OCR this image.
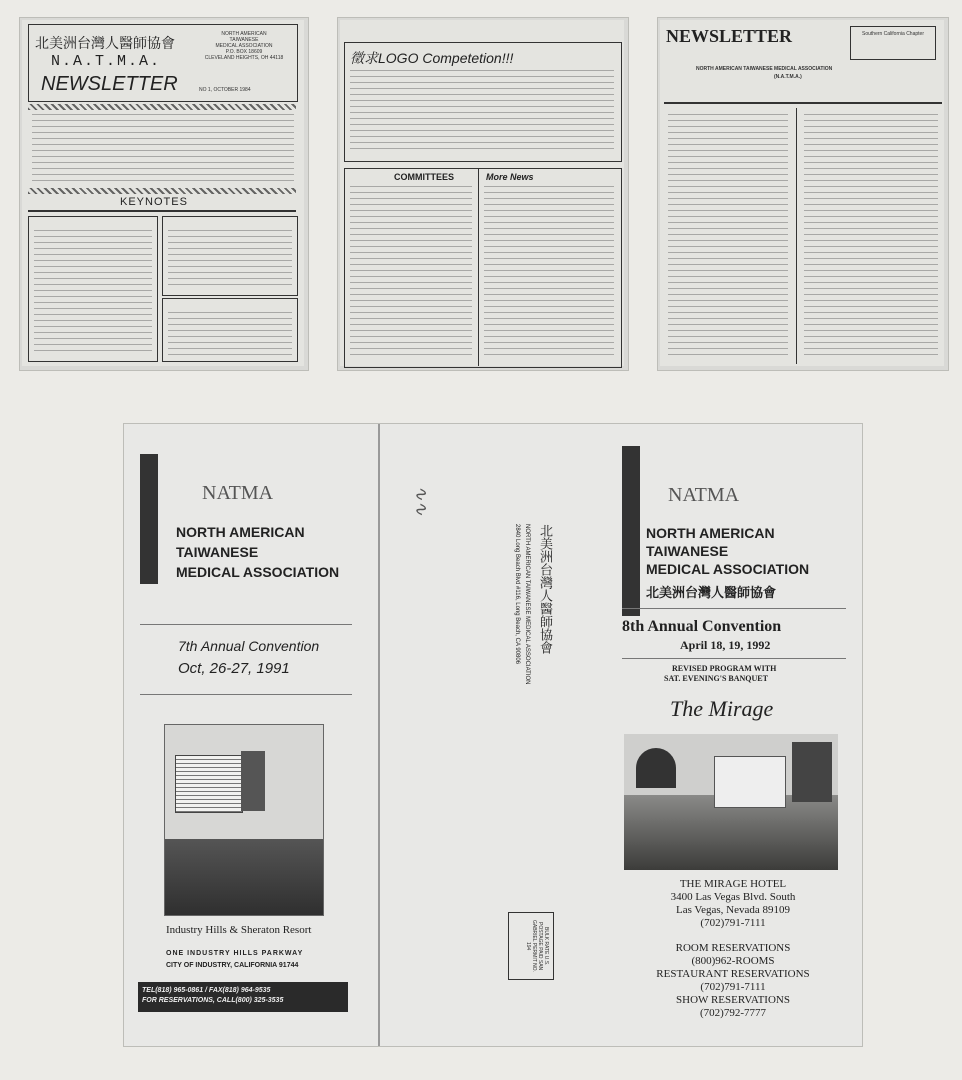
北美洲台灣人醫師協會
N.A.T.M.A.
NEWSLETTER
NORTH AMERICAN
TAIWANESE
MEDICAL ASSOCIATION
P.O. BOX 18609
CLEVELAND HEIGHTS, OH 44118
NO 1, OCTOBER 1984
KEYNOTES
徵求LOGO Competetion!!!
COMMITTEES	More News
NEWSLETTER	Southern California Chapter
NORTH AMERICAN TAIWANESE MEDICAL ASSOCIATION
(N.A.T.M.A.)
NATMA
NORTH AMERICAN
TAIWANESE
MEDICAL ASSOCIATION
7th Annual Convention
Oct, 26-27, 1991
Industry Hills & Sheraton Resort
ONE INDUSTRY HILLS PARKWAY
CITY OF INDUSTRY, CALIFORNIA 91744
TEL(818) 965-0861 / FAX(818) 964-9535
FOR RESERVATIONS, CALL(800) 325-3535
∿∿
北美洲台灣人醫師協會
NORTH AMERICAN TAIWANESE MEDICAL ASSOCIATION
2840 Long Beach Blvd #116, Long Beach, CA 90806
BULK RATE U.S. POSTAGE PAID SAN GABRIEL PERMIT NO. 194
NATMA
NORTH AMERICAN
TAIWANESE
MEDICAL ASSOCIATION
北美洲台灣人醫師協會
8th Annual Convention
April 18, 19, 1992
REVISED PROGRAM WITH
SAT. EVENING'S BANQUET
The Mirage
THE MIRAGE HOTEL
3400 Las Vegas Blvd. South
Las Vegas, Nevada 89109
(702)791-7111
ROOM RESERVATIONS
(800)962-ROOMS
RESTAURANT RESERVATIONS
(702)791-7111
SHOW RESERVATIONS
(702)792-7777
